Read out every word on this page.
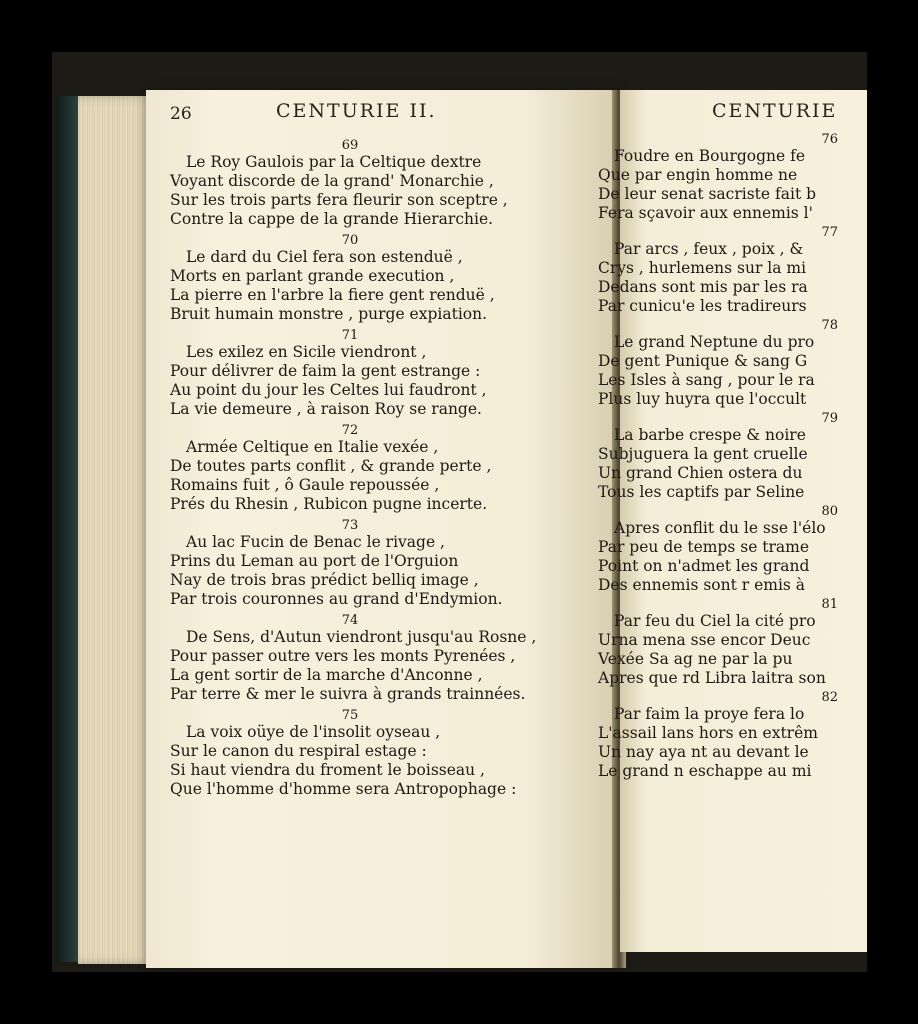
26	CENTURIE II.	CENTURIE
69
Le Roy Gaulois par la Celtique dextre
Voyant discorde de la grand' Monarchie ,
Sur les trois parts fera fleurir son sceptre ,
Contre la cappe de la grande Hierarchie.
70
Le dard du Ciel fera son estenduë ,
Morts en parlant grande execution ,
La pierre en l'arbre la fiere gent renduë ,
Bruit humain monstre , purge expiation.
71
Les exilez en Sicile viendront ,
Pour délivrer de faim la gent estrange :
Au point du jour les Celtes lui faudront ,
La vie demeure , à raison Roy se range.
72
Armée Celtique en Italie vexée ,
De toutes parts conflit , & grande perte ,
Romains fuit , ô Gaule repoussée ,
Prés du Rhesin , Rubicon pugne incerte.
73
Au lac Fucin de Benac le rivage ,
Prins du Leman au port de l'Orguion
Nay de trois bras prédict belliq image ,
Par trois couronnes au grand d'Endymion.
74
De Sens, d'Autun viendront jusqu'au Rosne ,
Pour passer outre vers les monts Pyrenées ,
La gent sortir de la marche d'Anconne ,
Par terre & mer le suivra à grands trainnées.
75
La voix oüye de l'insolit oyseau ,
Sur le canon du respiral estage :
Si haut viendra du froment le boisseau ,
Que l'homme d'homme sera Antropophage :
76
Foudre en Bourgogne fe
Que par engin homme ne
De leur senat sacriste fait b
Fera sçavoir aux ennemis l'
77
Par arcs , feux , poix , &
Crys , hurlemens sur la mi
Dedans sont mis par les ra
Par cunicu'e les tradireurs
78
Le grand Neptune du pro
De gent Punique & sang G
Les Isles à sang , pour le ra
Plus luy huyra que l'occult
79
La barbe crespe & noire
Subjuguera la gent cruelle
Un grand Chien ostera du
Tous les captifs par Seline
80
Apres conflit du le sse l'élo
Par peu de temps se trame
Point on n'admet les grand
Des ennemis sont r emis à
81
Par feu du Ciel la cité pro
Urna mena sse encor Deuc
Vexée Sa ag ne par la pu
Apres que rd Libra laitra son
82
Par faim la proye fera lo
L'assail lans hors en extrêm
Un nay aya nt au devant le
Le grand n eschappe au mi
